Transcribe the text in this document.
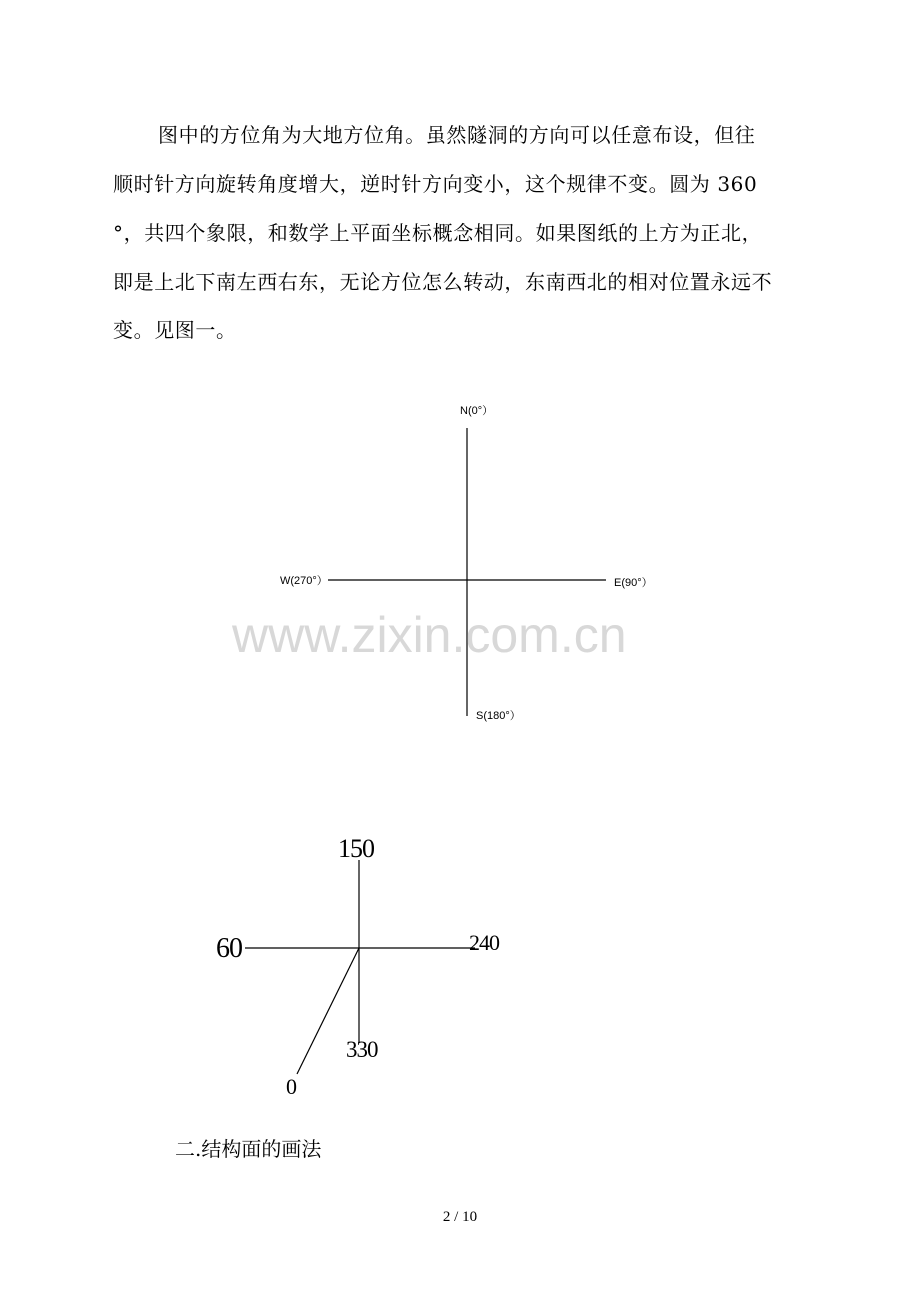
图中的方位角为大地方位角。虽然隧洞的方向可以任意布设，但往
顺时针方向旋转角度增大，逆时针方向变小，这个规律不变。圆为 360
°，共四个象限，和数学上平面坐标概念相同。如果图纸的上方为正北，
即是上北下南左西右东，无论方位怎么转动，东南西北的相对位置永远不
变。见图一。
N(0°）
W(270°）	E(90°）
S(180°）
www.zixin.com.cn
150
60	240
330
0
二.结构面的画法
2 / 10
